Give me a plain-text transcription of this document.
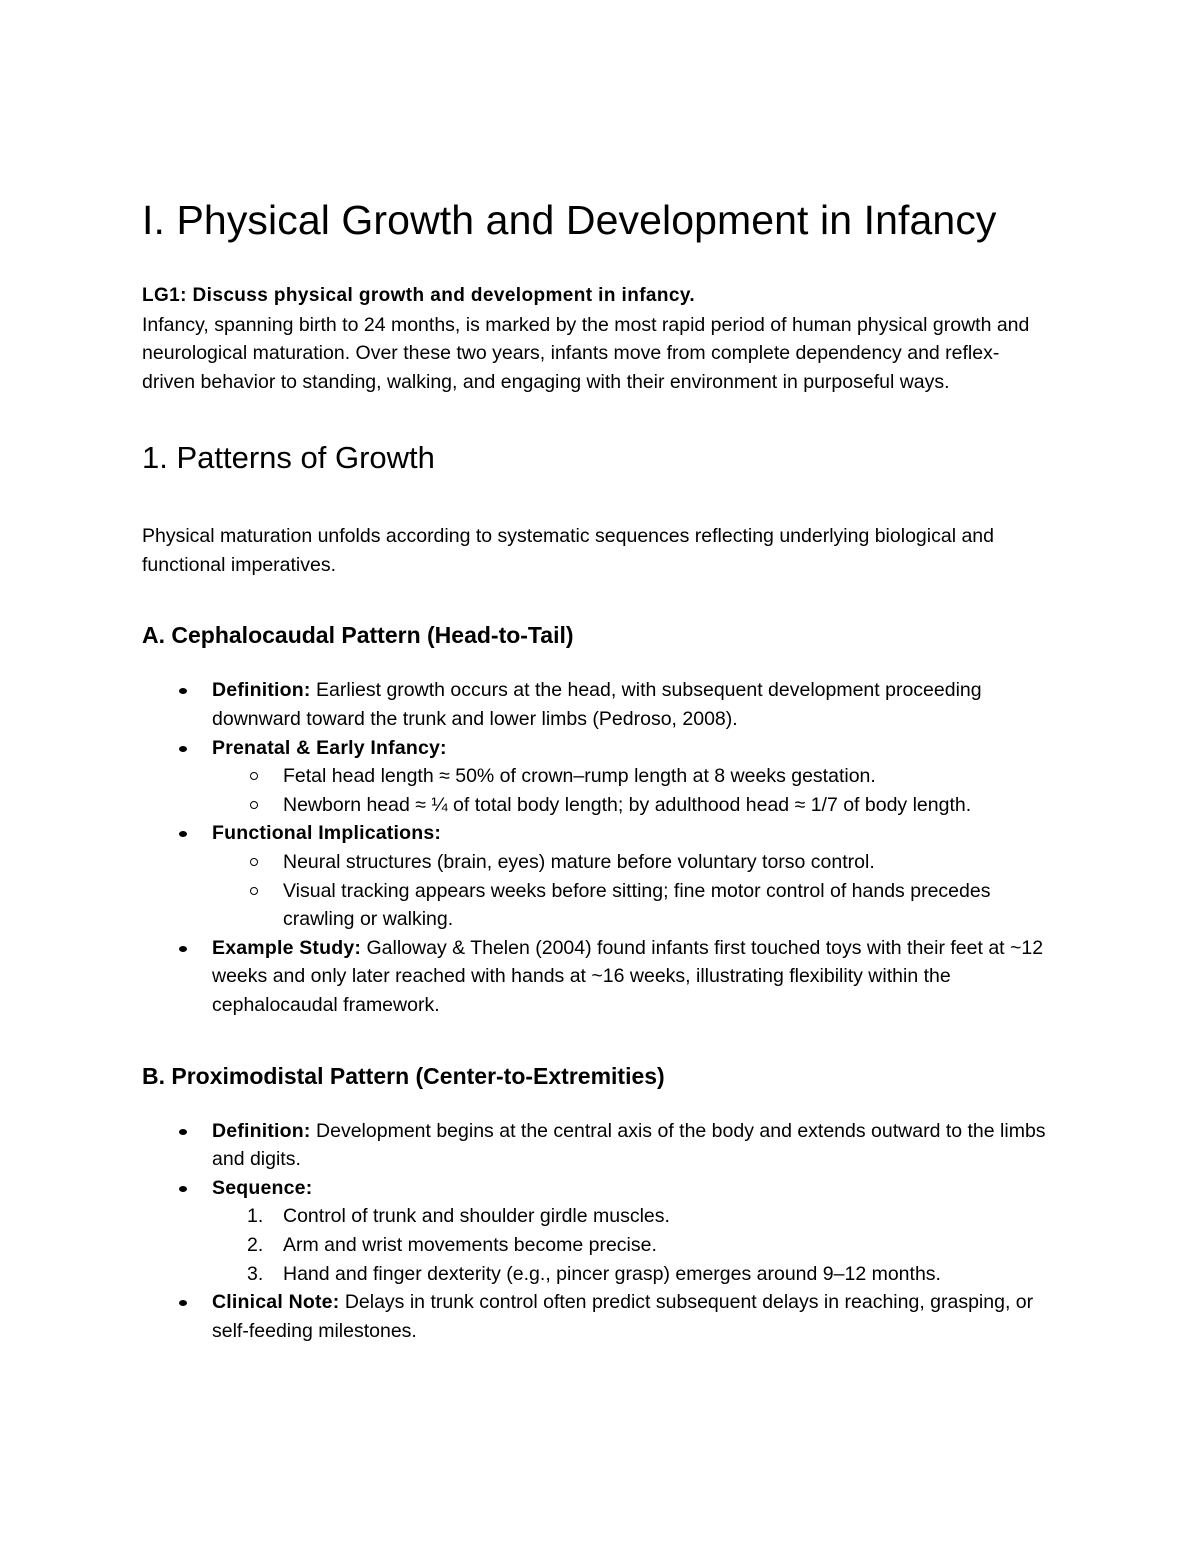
I. Physical Growth and Development in Infancy
LG1: Discuss physical growth and development in infancy.

Infancy, spanning birth to 24 months, is marked by the most rapid period of human physical growth and neurological maturation. Over these two years, infants move from complete dependency and reflex-driven behavior to standing, walking, and engaging with their environment in purposeful ways.

1. Patterns of Growth

Physical maturation unfolds according to systematic sequences reflecting underlying biological and functional imperatives.

A. Cephalocaudal Pattern (Head-to-Tail)
Definition: Earliest growth occurs at the head, with subsequent development proceeding downward toward the trunk and lower limbs (Pedroso, 2008).
Prenatal & Early Infancy:
Fetal head length ≈ 50% of crown–rump length at 8 weeks gestation.
Newborn head ≈ ¼ of total body length; by adulthood head ≈ 1/7 of body length.
Functional Implications:
Neural structures (brain, eyes) mature before voluntary torso control.
Visual tracking appears weeks before sitting; fine motor control of hands precedes crawling or walking.
Example Study: Galloway & Thelen (2004) found infants first touched toys with their feet at ~12 weeks and only later reached with hands at ~16 weeks, illustrating flexibility within the cephalocaudal framework.
B. Proximodistal Pattern (Center-to-Extremities)
Definition: Development begins at the central axis of the body and extends outward to the limbs and digits.
Sequence:
1.	Control of trunk and shoulder girdle muscles.
2.	Arm and wrist movements become precise.
3.	Hand and finger dexterity (e.g., pincer grasp) emerges around 9–12 months.
Clinical Note: Delays in trunk control often predict subsequent delays in reaching, grasping, or self-feeding milestones.
